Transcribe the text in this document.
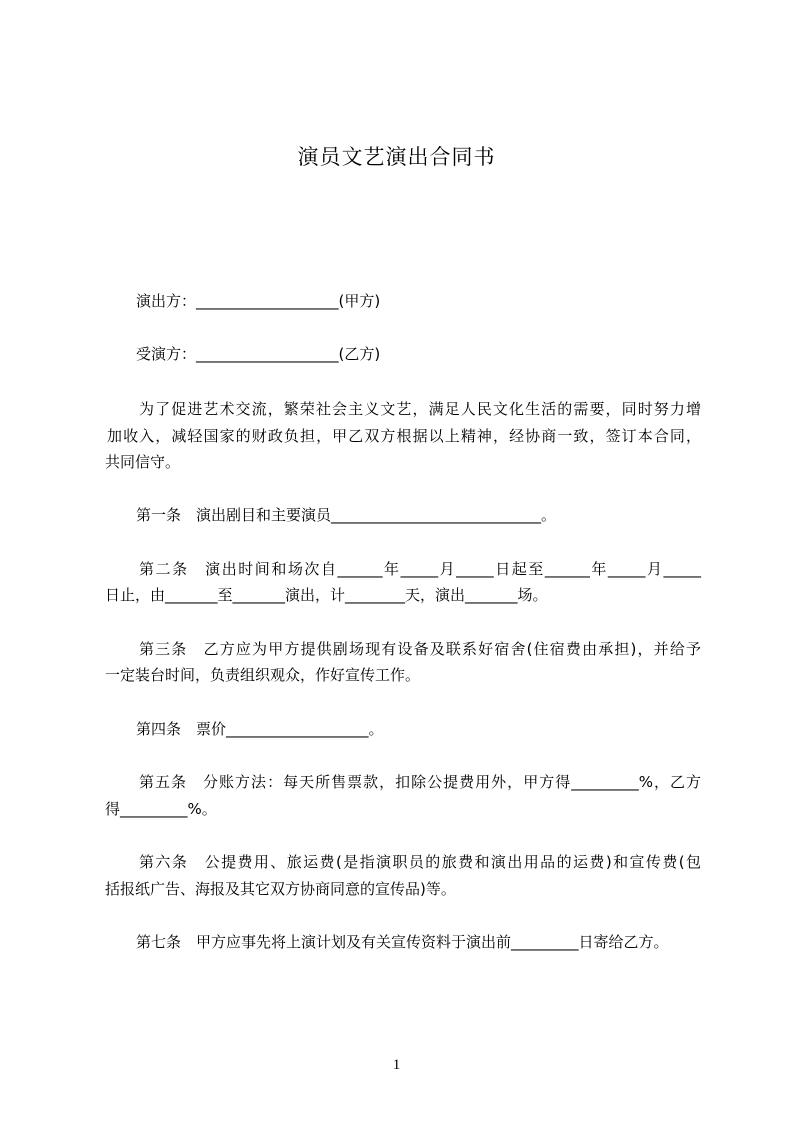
演员文艺演出合同书
演出方：___________________(甲方)
受演方：___________________(乙方)
为了促进艺术交流，繁荣社会主义文艺，满足人民文化生活的需要，同时努力增
加收入，减轻国家的财政负担，甲乙双方根据以上精神，经协商一致，签订本合同，
共同信守。
第一条　演出剧目和主要演员____________________________。
第二条　演出时间和场次自______年_____月_____日起至______年_____月_____
日止，由_______至_______演出，计________天，演出_______场。
第三条　乙方应为甲方提供剧场现有设备及联系好宿舍(住宿费由承担)，并给予
一定装台时间，负责组织观众，作好宣传工作。
第四条　票价___________________。
第五条　分账方法：每天所售票款，扣除公提费用外，甲方得_________%，乙方
得_________%。
第六条　公提费用、旅运费(是指演职员的旅费和演出用品的运费)和宣传费(包
括报纸广告、海报及其它双方协商同意的宣传品)等。
第七条　甲方应事先将上演计划及有关宣传资料于演出前_________日寄给乙方。
1
